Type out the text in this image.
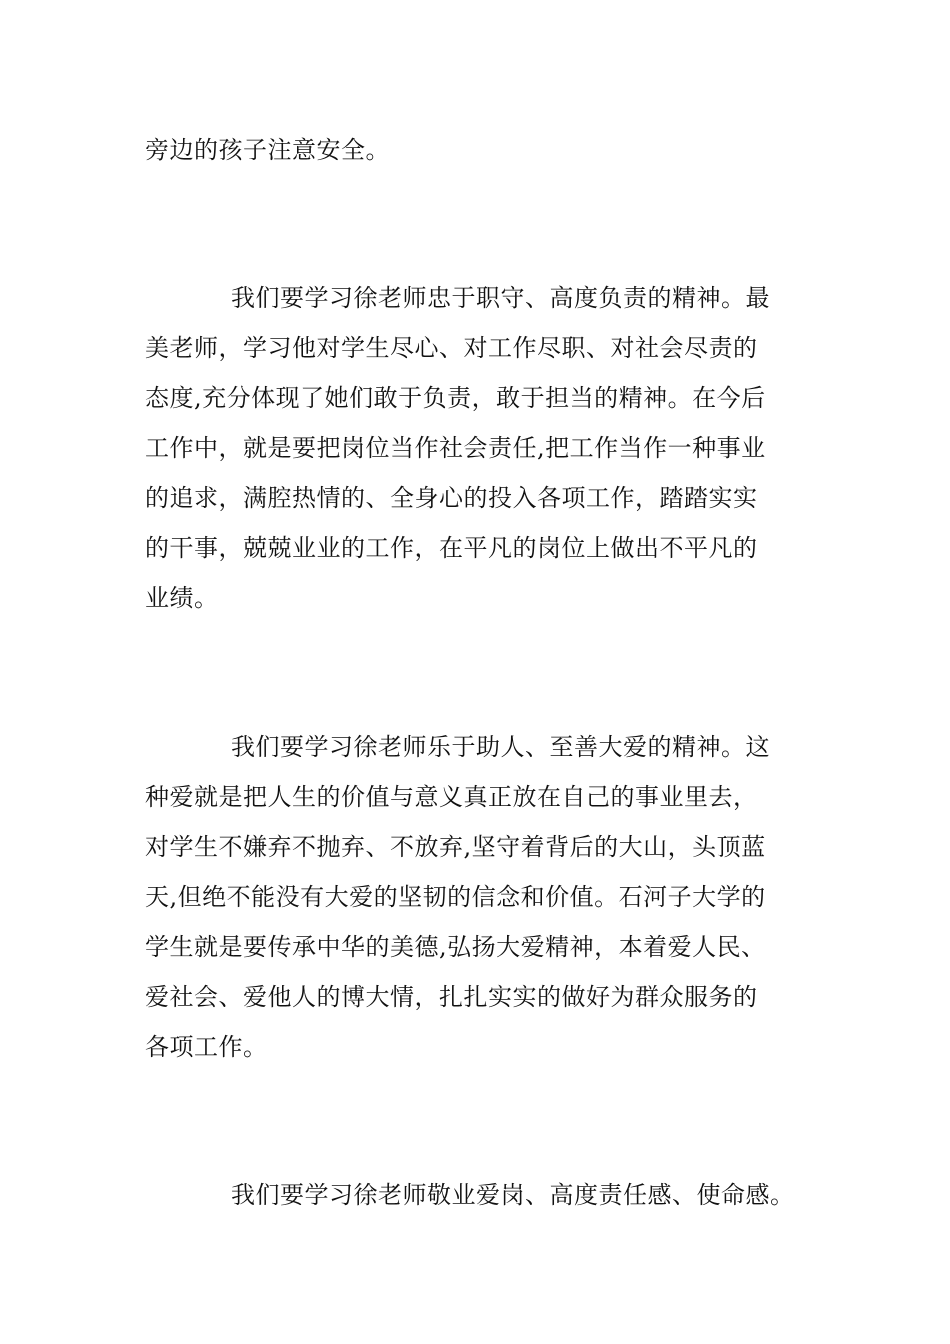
旁边的孩子注意安全。

我们要学习徐老师忠于职守、高度负责的精神。最
美老师，学习他对学生尽心、对工作尽职、对社会尽责的
态度,充分体现了她们敢于负责，敢于担当的精神。在今后
工作中，就是要把岗位当作社会责任,把工作当作一种事业
的追求，满腔热情的、全身心的投入各项工作，踏踏实实
的干事，兢兢业业的工作，在平凡的岗位上做出不平凡的
业绩。

我们要学习徐老师乐于助人、至善大爱的精神。这
种爱就是把人生的价值与意义真正放在自己的事业里去，
对学生不嫌弃不抛弃、不放弃,坚守着背后的大山，头顶蓝
天,但绝不能没有大爱的坚韧的信念和价值。石河子大学的
学生就是要传承中华的美德,弘扬大爱精神，本着爱人民、
爱社会、爱他人的博大情，扎扎实实的做好为群众服务的
各项工作。

我们要学习徐老师敬业爱岗、高度责任感、使命感。
